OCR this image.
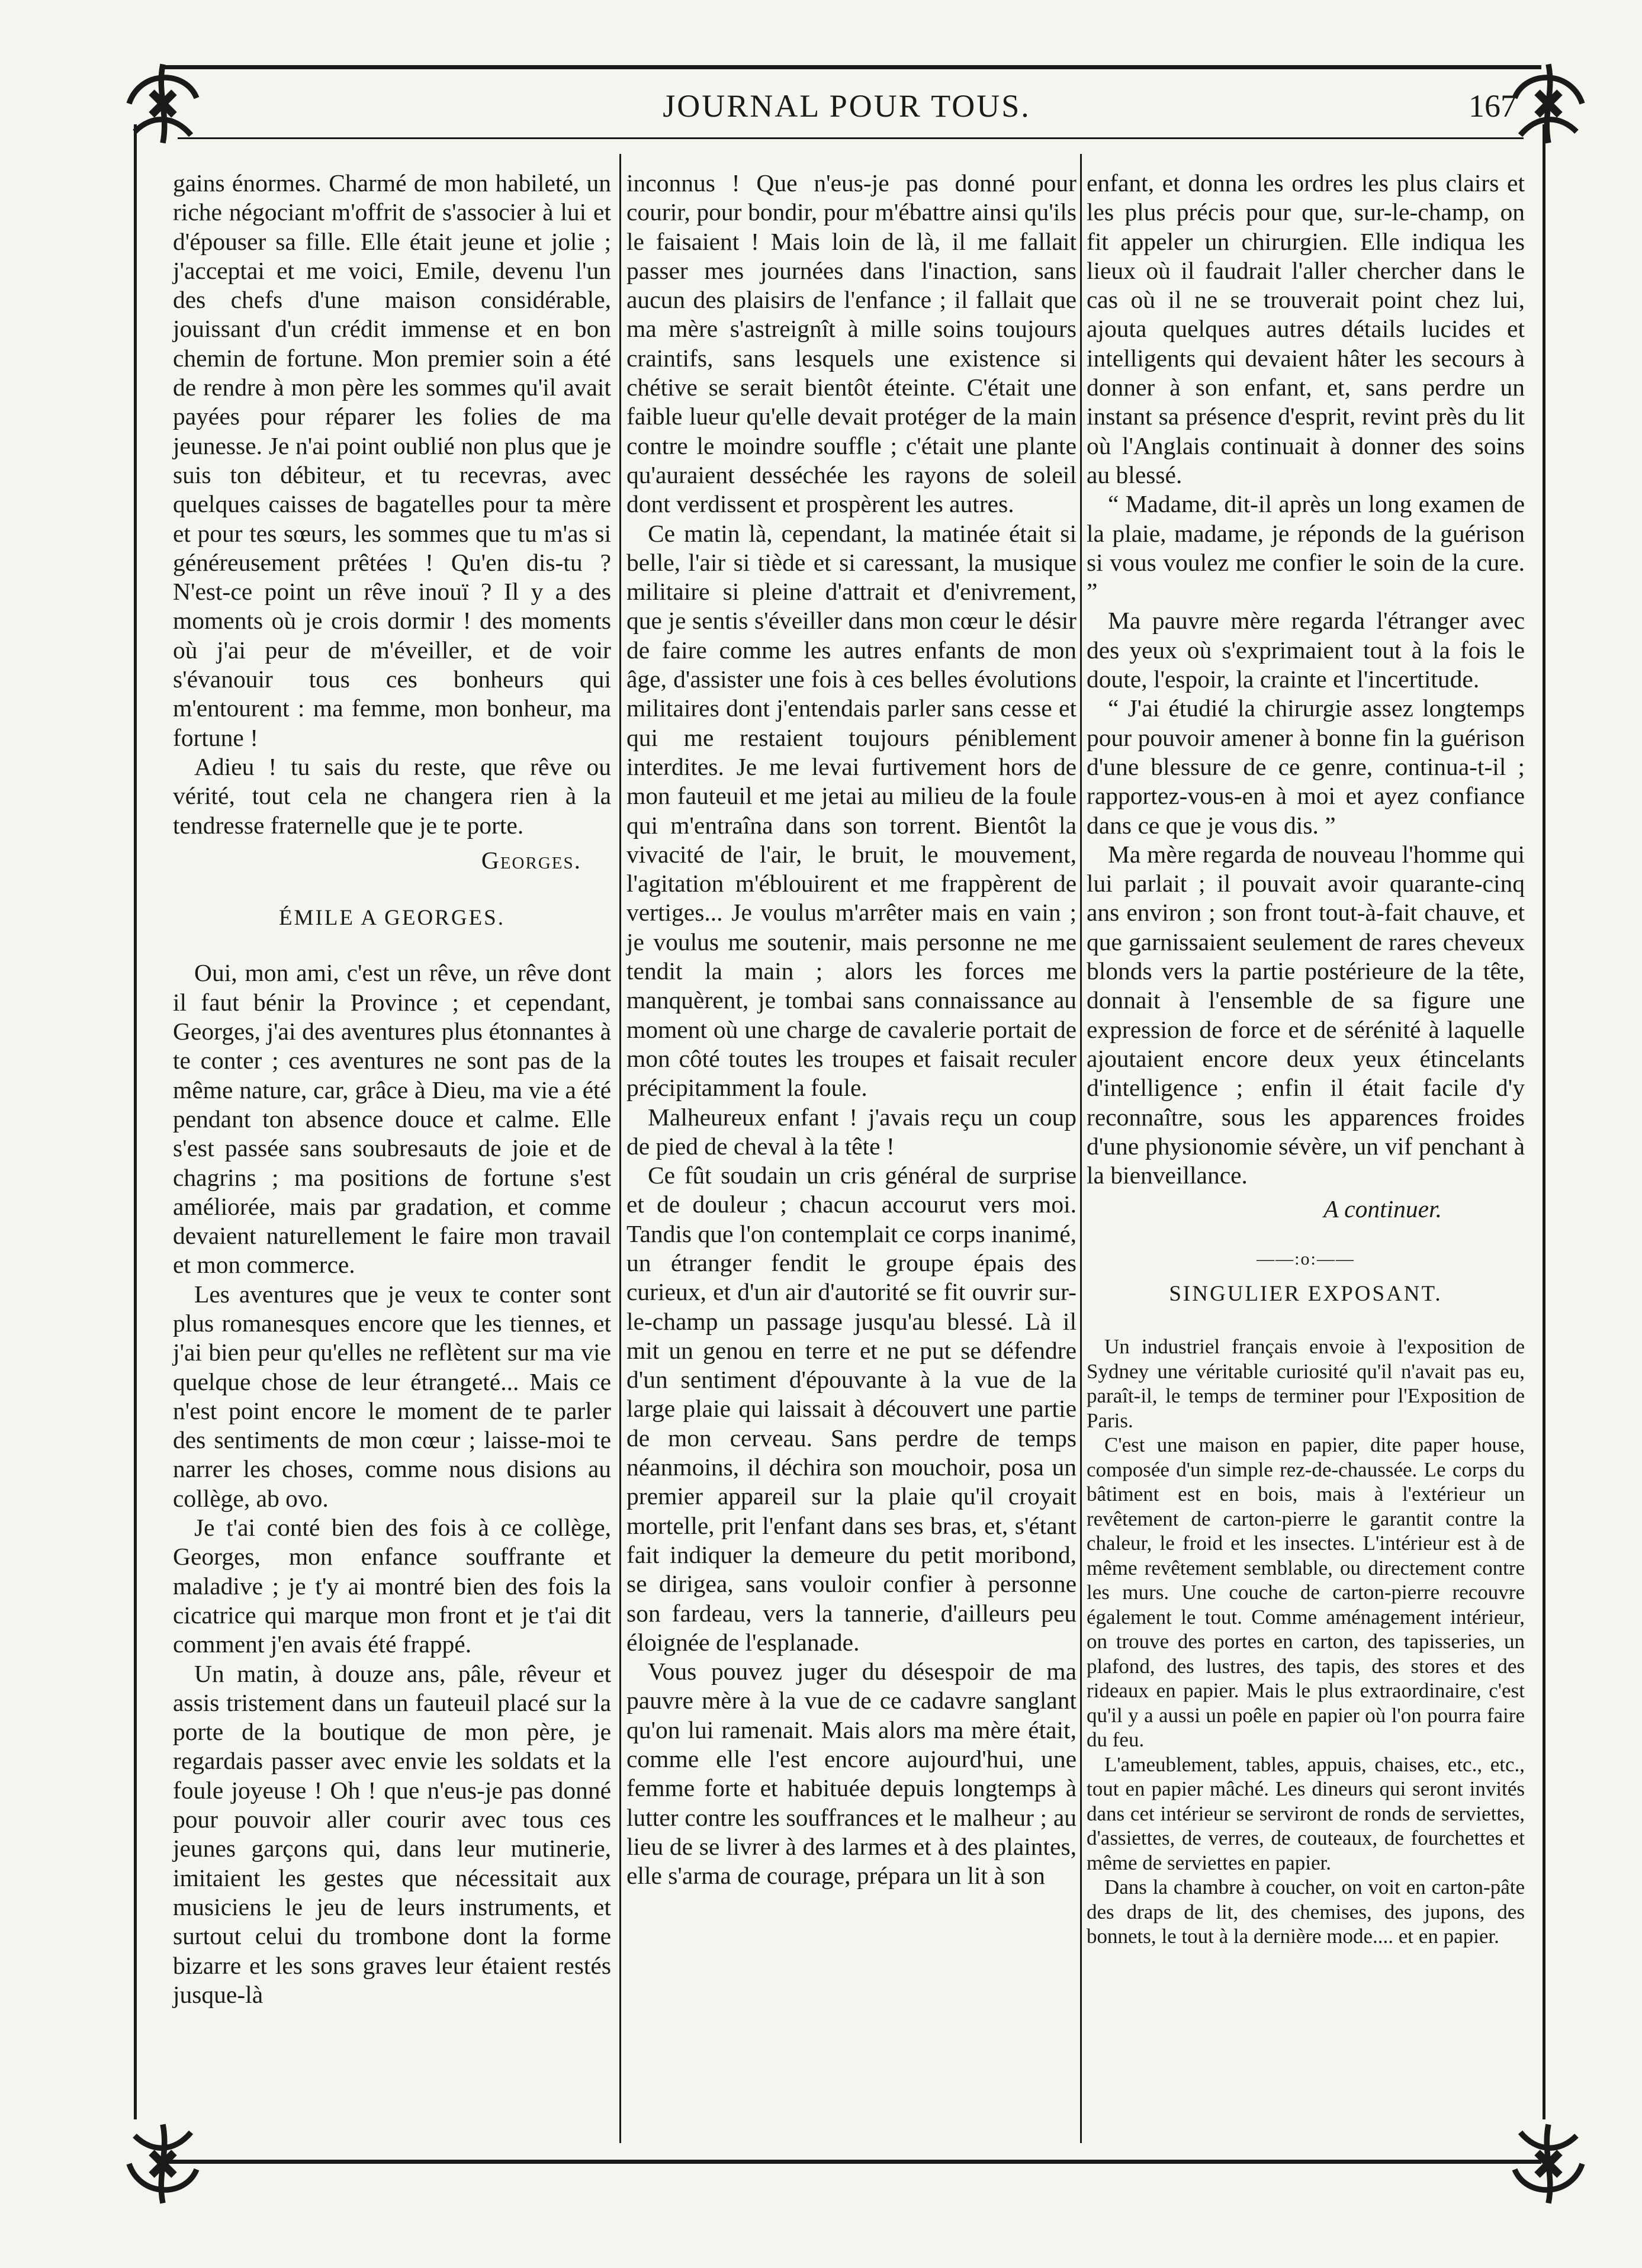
JOURNAL POUR TOUS.	167

gains énormes. Charmé de mon habileté, un riche négociant m'offrit de s'associer à lui et d'épouser sa fille. Elle était jeune et jolie ; j'acceptai et me voici, Emile, devenu l'un des chefs d'une maison considérable, jouissant d'un crédit immense et en bon chemin de fortune. Mon premier soin a été de rendre à mon père les sommes qu'il avait payées pour réparer les folies de ma jeunesse. Je n'ai point oublié non plus que je suis ton débiteur, et tu recevras, avec quelques caisses de bagatelles pour ta mère et pour tes sœurs, les sommes que tu m'as si généreusement prêtées ! Qu'en dis-tu ? N'est-ce point un rêve inouï ? Il y a des moments où je crois dormir ! des moments où j'ai peur de m'éveiller, et de voir s'évanouir tous ces bonheurs qui m'entourent : ma femme, mon bonheur, ma fortune !

Adieu ! tu sais du reste, que rêve ou vérité, tout cela ne changera rien à la tendresse fraternelle que je te porte.

Georges.
ÉMILE A GEORGES.

Oui, mon ami, c'est un rêve, un rêve dont il faut bénir la Province ; et cependant, Georges, j'ai des aventures plus étonnantes à te conter ; ces aventures ne sont pas de la même nature, car, grâce à Dieu, ma vie a été pendant ton absence douce et calme. Elle s'est passée sans soubresauts de joie et de chagrins ; ma positions de fortune s'est améliorée, mais par gradation, et comme devaient naturellement le faire mon travail et mon commerce.

Les aventures que je veux te conter sont plus romanesques encore que les tiennes, et j'ai bien peur qu'elles ne reflètent sur ma vie quelque chose de leur étrangeté... Mais ce n'est point encore le moment de te parler des sentiments de mon cœur ; laisse-moi te narrer les choses, comme nous disions au collège, ab ovo.

Je t'ai conté bien des fois à ce collège, Georges, mon enfance souffrante et maladive ; je t'y ai montré bien des fois la cicatrice qui marque mon front et je t'ai dit comment j'en avais été frappé.

Un matin, à douze ans, pâle, rêveur et assis tristement dans un fauteuil placé sur la porte de la boutique de mon père, je regardais passer avec envie les soldats et la foule joyeuse ! Oh ! que n'eus-je pas donné pour pouvoir aller courir avec tous ces jeunes garçons qui, dans leur mutinerie, imitaient les gestes que nécessitait aux musiciens le jeu de leurs instruments, et surtout celui du trombone dont la forme bizarre et les sons graves leur étaient restés jusque-là

inconnus ! Que n'eus-je pas donné pour courir, pour bondir, pour m'ébattre ainsi qu'ils le faisaient ! Mais loin de là, il me fallait passer mes journées dans l'inaction, sans aucun des plaisirs de l'enfance ; il fallait que ma mère s'astreignît à mille soins toujours craintifs, sans lesquels une existence si chétive se serait bientôt éteinte. C'était une faible lueur qu'elle devait protéger de la main contre le moindre souffle ; c'était une plante qu'auraient desséchée les rayons de soleil dont verdissent et prospèrent les autres.

Ce matin là, cependant, la matinée était si belle, l'air si tiède et si caressant, la musique militaire si pleine d'attrait et d'enivrement, que je sentis s'éveiller dans mon cœur le désir de faire comme les autres enfants de mon âge, d'assister une fois à ces belles évolutions militaires dont j'entendais parler sans cesse et qui me restaient toujours péniblement interdites. Je me levai furtivement hors de mon fauteuil et me jetai au milieu de la foule qui m'entraîna dans son torrent. Bientôt la vivacité de l'air, le bruit, le mouvement, l'agitation m'éblouirent et me frappèrent de vertiges... Je voulus m'arrêter mais en vain ; je voulus me soutenir, mais personne ne me tendit la main ; alors les forces me manquèrent, je tombai sans connaissance au moment où une charge de cavalerie portait de mon côté toutes les troupes et faisait reculer précipitamment la foule.

Malheureux enfant ! j'avais reçu un coup de pied de cheval à la tête !

Ce fût soudain un cris général de surprise et de douleur ; chacun accourut vers moi. Tandis que l'on contemplait ce corps inanimé, un étranger fendit le groupe épais des curieux, et d'un air d'autorité se fit ouvrir sur-le-champ un passage jusqu'au blessé. Là il mit un genou en terre et ne put se défendre d'un sentiment d'épouvante à la vue de la large plaie qui laissait à découvert une partie de mon cerveau. Sans perdre de temps néanmoins, il déchira son mouchoir, posa un premier appareil sur la plaie qu'il croyait mortelle, prit l'enfant dans ses bras, et, s'étant fait indiquer la demeure du petit moribond, se dirigea, sans vouloir confier à personne son fardeau, vers la tannerie, d'ailleurs peu éloignée de l'esplanade.

Vous pouvez juger du désespoir de ma pauvre mère à la vue de ce cadavre sanglant qu'on lui ramenait. Mais alors ma mère était, comme elle l'est encore aujourd'hui, une femme forte et habituée depuis longtemps à lutter contre les souffrances et le malheur ; au lieu de se livrer à des larmes et à des plaintes, elle s'arma de courage, prépara un lit à son

enfant, et donna les ordres les plus clairs et les plus précis pour que, sur-le-champ, on fit appeler un chirurgien. Elle indiqua les lieux où il faudrait l'aller chercher dans le cas où il ne se trouverait point chez lui, ajouta quelques autres détails lucides et intelligents qui devaient hâter les secours à donner à son enfant, et, sans perdre un instant sa présence d'esprit, revint près du lit où l'Anglais continuait à donner des soins au blessé.

“ Madame, dit-il après un long examen de la plaie, madame, je réponds de la guérison si vous voulez me confier le soin de la cure. ”

Ma pauvre mère regarda l'étranger avec des yeux où s'exprimaient tout à la fois le doute, l'espoir, la crainte et l'incertitude.

“ J'ai étudié la chirurgie assez longtemps pour pouvoir amener à bonne fin la guérison d'une blessure de ce genre, continua-t-il ; rapportez-vous-en à moi et ayez confiance dans ce que je vous dis. ”

Ma mère regarda de nouveau l'homme qui lui parlait ; il pouvait avoir quarante-cinq ans environ ; son front tout-à-fait chauve, et que garnissaient seulement de rares cheveux blonds vers la partie postérieure de la tête, donnait à l'ensemble de sa figure une expression de force et de sérénité à laquelle ajoutaient encore deux yeux étincelants d'intelligence ; enfin il était facile d'y reconnaître, sous les apparences froides d'une physionomie sévère, un vif penchant à la bienveillance.

A continuer.
——:o:——
SINGULIER EXPOSANT.

Un industriel français envoie à l'exposition de Sydney une véritable curiosité qu'il n'avait pas eu, paraît-il, le temps de terminer pour l'Exposition de Paris.

C'est une maison en papier, dite paper house, composée d'un simple rez-de-chaussée. Le corps du bâtiment est en bois, mais à l'extérieur un revêtement de carton-pierre le garantit contre la chaleur, le froid et les insectes. L'intérieur est à de même revêtement semblable, ou directement contre les murs. Une couche de carton-pierre recouvre également le tout. Comme aménagement intérieur, on trouve des portes en carton, des tapisseries, un plafond, des lustres, des tapis, des stores et des rideaux en papier. Mais le plus extraordinaire, c'est qu'il y a aussi un poêle en papier où l'on pourra faire du feu.

L'ameublement, tables, appuis, chaises, etc., etc., tout en papier mâché. Les dineurs qui seront invités dans cet intérieur se serviront de ronds de serviettes, d'assiettes, de verres, de couteaux, de fourchettes et même de serviettes en papier.

Dans la chambre à coucher, on voit en carton-pâte des draps de lit, des chemises, des jupons, des bonnets, le tout à la dernière mode.... et en papier.
